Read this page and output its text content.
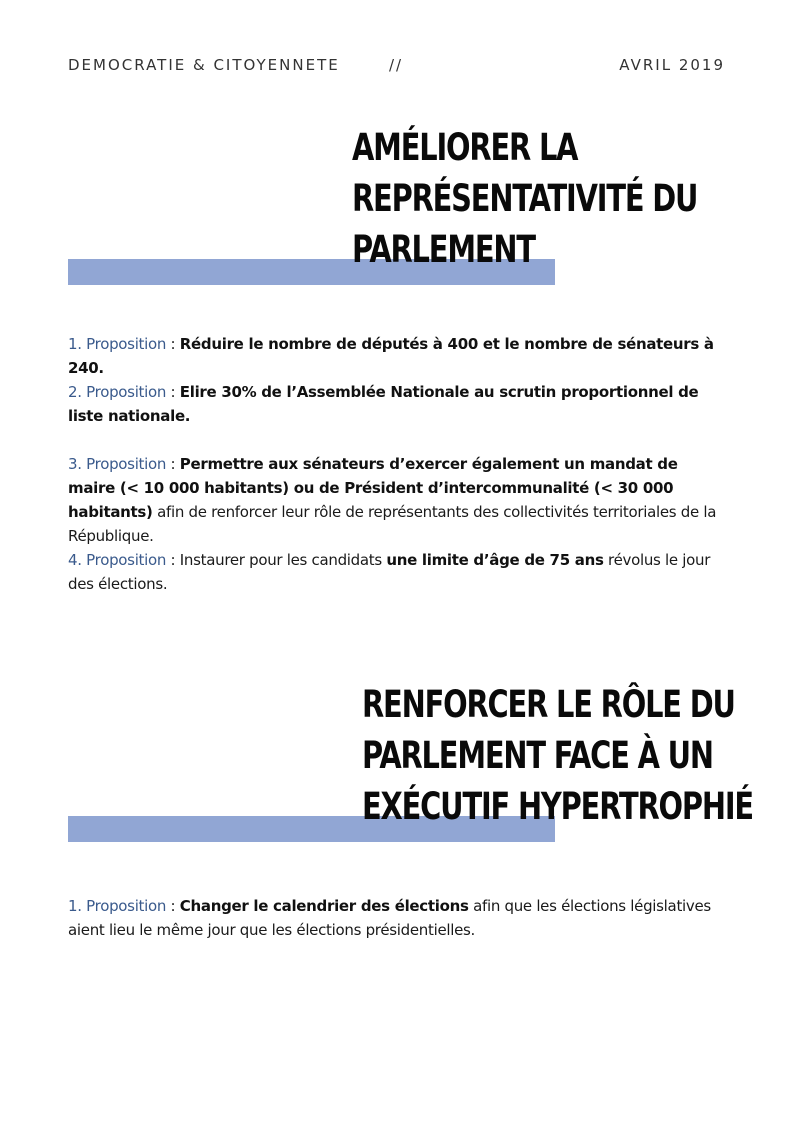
DEMOCRATIE & CITOYENNETE	//	AVRIL 2019
AMÉLIORER LA
REPRÉSENTATIVITÉ DU
PARLEMENT
1. Proposition : Réduire le nombre de députés à 400 et le nombre de sénateurs à 240.
2. Proposition : Elire 30% de l’Assemblée Nationale au scrutin proportionnel de liste nationale.
3. Proposition : Permettre aux sénateurs d’exercer également un mandat de maire (< 10 000 habitants) ou de Président d’intercommunalité (< 30 000 habitants) afin de renforcer leur rôle de représentants des collectivités territoriales de la République.
4. Proposition : Instaurer pour les candidats une limite d’âge de 75 ans révolus le jour des élections.
RENFORCER LE RÔLE DU
PARLEMENT FACE À UN
EXÉCUTIF HYPERTROPHIÉ
1. Proposition : Changer le calendrier des élections afin que les élections législatives aient lieu le même jour que les élections présidentielles.
